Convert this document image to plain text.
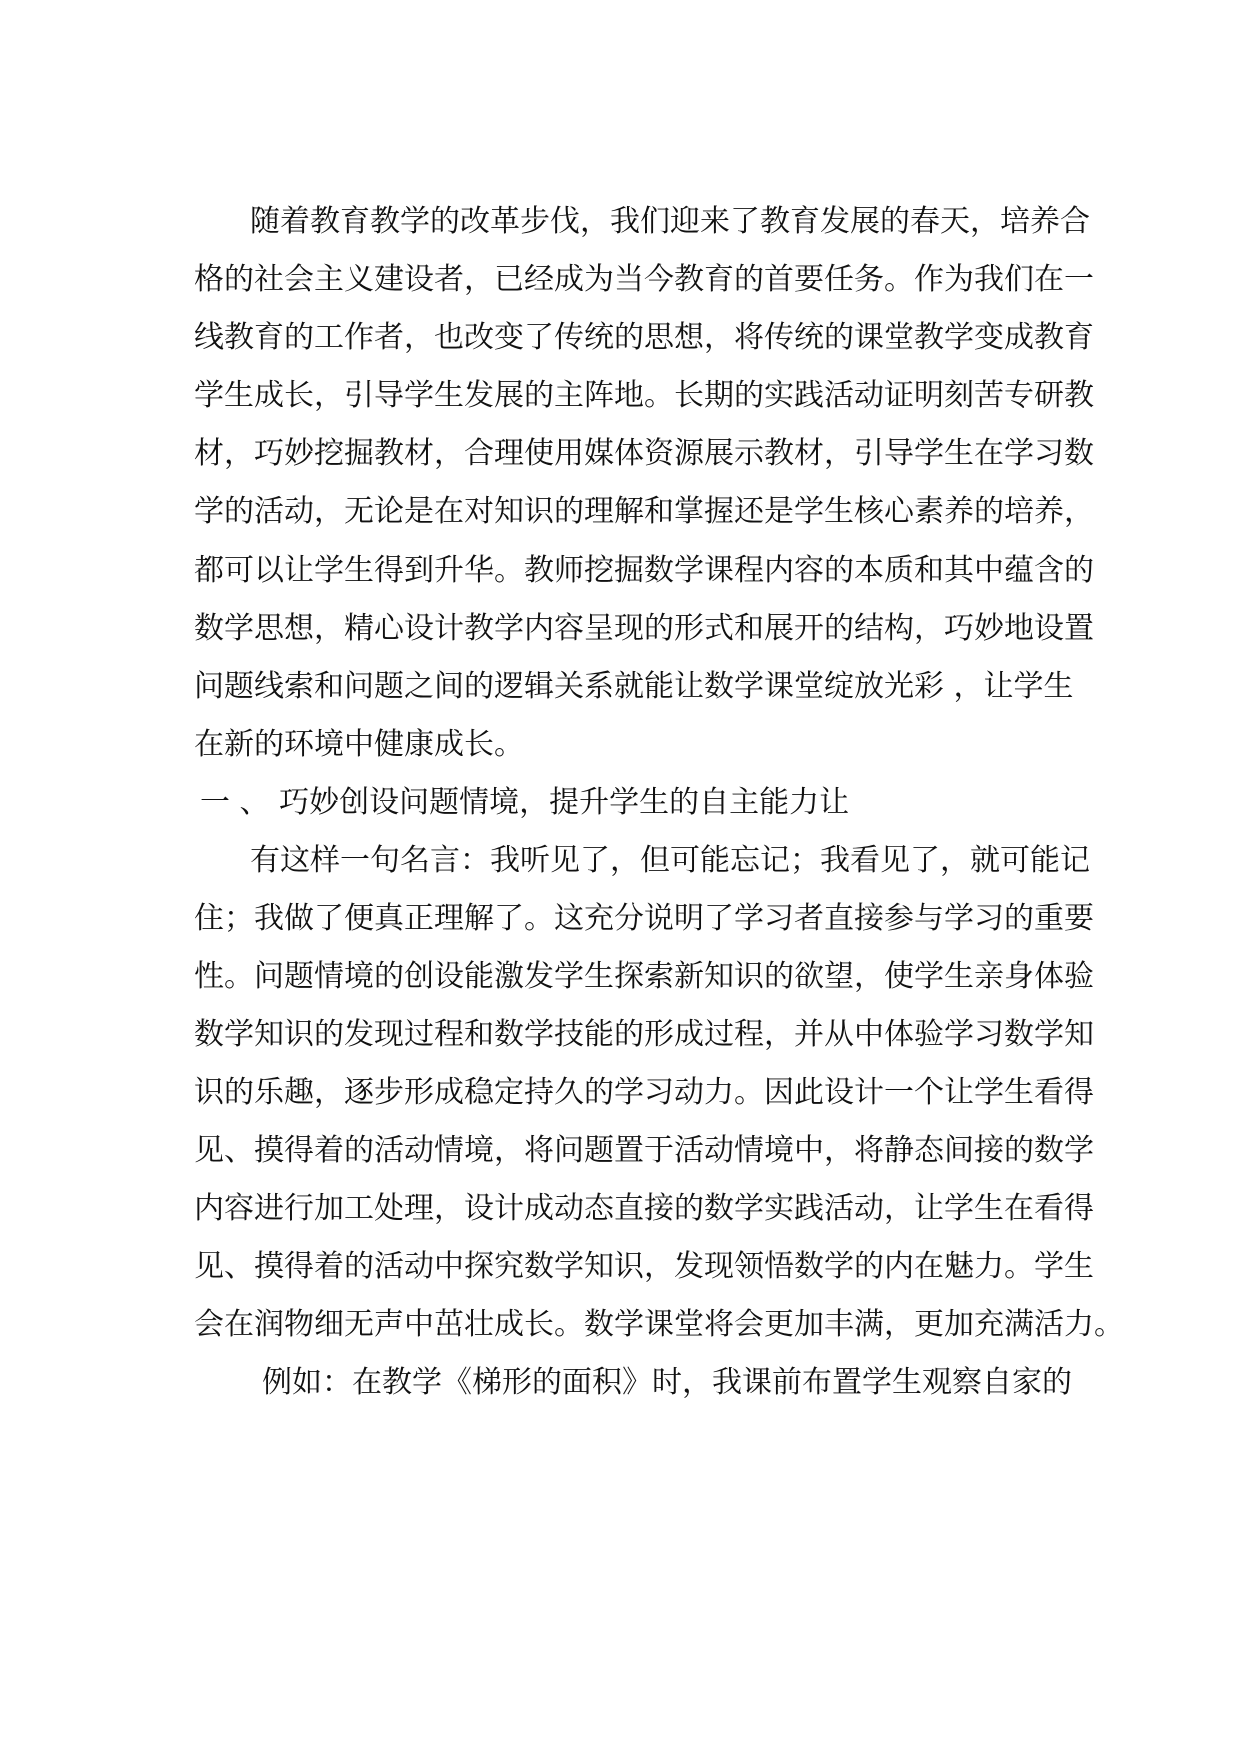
随着教育教学的改革步伐，我们迎来了教育发展的春天，培养合
格的社会主义建设者，已经成为当今教育的首要任务。作为我们在一
线教育的工作者，也改变了传统的思想，将传统的课堂教学变成教育
学生成长，引导学生发展的主阵地。长期的实践活动证明刻苦专研教
材，巧妙挖掘教材，合理使用媒体资源展示教材，引导学生在学习数
学的活动，无论是在对知识的理解和掌握还是学生核心素养的培养，
都可以让学生得到升华。教师挖掘数学课程内容的本质和其中蕴含的
数学思想，精心设计教学内容呈现的形式和展开的结构，巧妙地设置
问题线索和问题之间的逻辑关系就能让数学课堂绽放光彩 ，让学生
在新的环境中健康成长。
一 、 巧妙创设问题情境，提升学生的自主能力让
有这样一句名言：我听见了，但可能忘记；我看见了，就可能记
住；我做了便真正理解了。这充分说明了学习者直接参与学习的重要
性。问题情境的创设能激发学生探索新知识的欲望，使学生亲身体验
数学知识的发现过程和数学技能的形成过程，并从中体验学习数学知
识的乐趣，逐步形成稳定持久的学习动力。因此设计一个让学生看得
见、摸得着的活动情境，将问题置于活动情境中，将静态间接的数学
内容进行加工处理，设计成动态直接的数学实践活动，让学生在看得
见、摸得着的活动中探究数学知识，发现领悟数学的内在魅力。学生
会在润物细无声中茁壮成长。数学课堂将会更加丰满，更加充满活力。
例如：在教学《梯形的面积》时，我课前布置学生观察自家的
